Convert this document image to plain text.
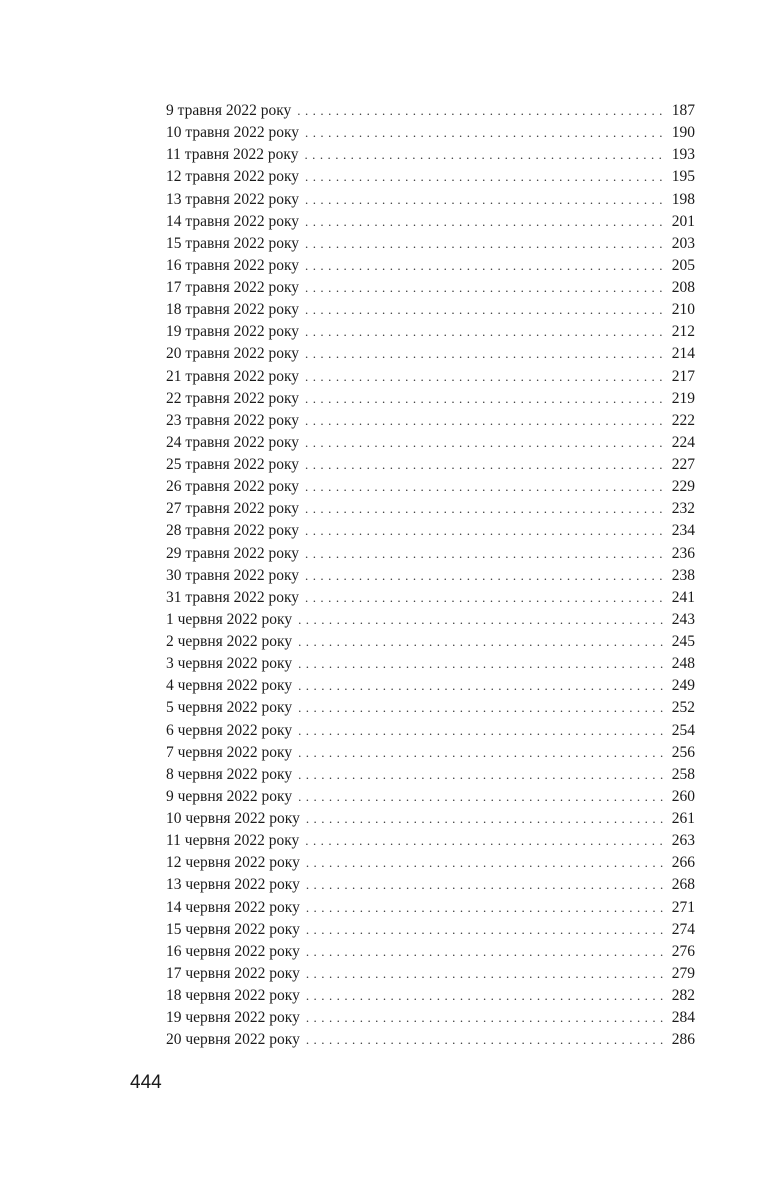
9 травня 2022 року . . .	187
10 травня 2022 року . . .	190
11 травня 2022 року . . .	193
12 травня 2022 року . . .	195
13 травня 2022 року . . .	198
14 травня 2022 року . . .	201
15 травня 2022 року . . .	203
16 травня 2022 року . . .	205
17 травня 2022 року . . .	208
18 травня 2022 року . . .	210
19 травня 2022 року . . .	212
20 травня 2022 року . . .	214
21 травня 2022 року . . .	217
22 травня 2022 року . . .	219
23 травня 2022 року . . .	222
24 травня 2022 року . . .	224
25 травня 2022 року . . .	227
26 травня 2022 року . . .	229
27 травня 2022 року . . .	232
28 травня 2022 року . . .	234
29 травня 2022 року . . .	236
30 травня 2022 року . . .	238
31 травня 2022 року . . .	241
1 червня 2022 року . . .	243
2 червня 2022 року . . .	245
3 червня 2022 року . . .	248
4 червня 2022 року . . .	249
5 червня 2022 року . . .	252
6 червня 2022 року . . .	254
7 червня 2022 року . . .	256
8 червня 2022 року . . .	258
9 червня 2022 року . . .	260
10 червня 2022 року . . .	261
11 червня 2022 року . . .	263
12 червня 2022 року . . .	266
13 червня 2022 року . . .	268
14 червня 2022 року . . .	271
15 червня 2022 року . . .	274
16 червня 2022 року . . .	276
17 червня 2022 року . . .	279
18 червня 2022 року . . .	282
19 червня 2022 року . . .	284
20 червня 2022 року . . .	286
444
